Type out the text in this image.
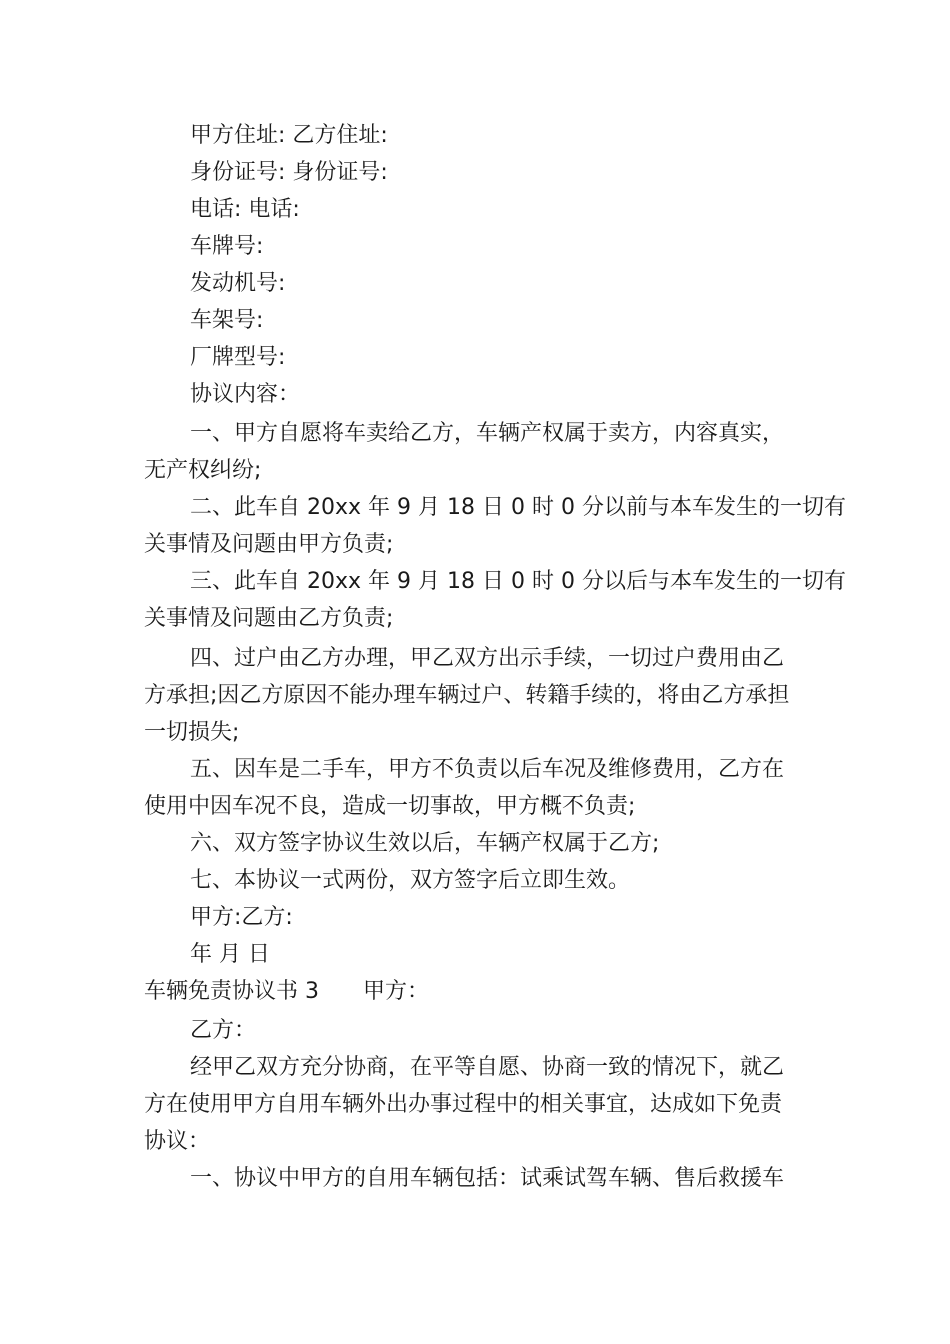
甲方住址: 乙方住址:
身份证号: 身份证号:
电话: 电话:
车牌号:
发动机号:
车架号:
厂牌型号:
协议内容：
一、甲方自愿将车卖给乙方，车辆产权属于卖方，内容真实，
无产权纠纷;
二、此车自 20xx 年 9 月 18 日 0 时 0 分以前与本车发生的一切有
关事情及问题由甲方负责;
三、此车自 20xx 年 9 月 18 日 0 时 0 分以后与本车发生的一切有
关事情及问题由乙方负责;
四、过户由乙方办理，甲乙双方出示手续，一切过户费用由乙
方承担;因乙方原因不能办理车辆过户、转籍手续的，将由乙方承担
一切损失;
五、因车是二手车，甲方不负责以后车况及维修费用，乙方在
使用中因车况不良，造成一切事故，甲方概不负责;
六、双方签字协议生效以后，车辆产权属于乙方;
七、本协议一式两份，双方签字后立即生效。
甲方:乙方:
年 月 日
车辆免责协议书 3 甲方：
乙方：
经甲乙双方充分协商，在平等自愿、协商一致的情况下，就乙
方在使用甲方自用车辆外出办事过程中的相关事宜，达成如下免责
协议：
一、协议中甲方的自用车辆包括：试乘试驾车辆、售后救援车
